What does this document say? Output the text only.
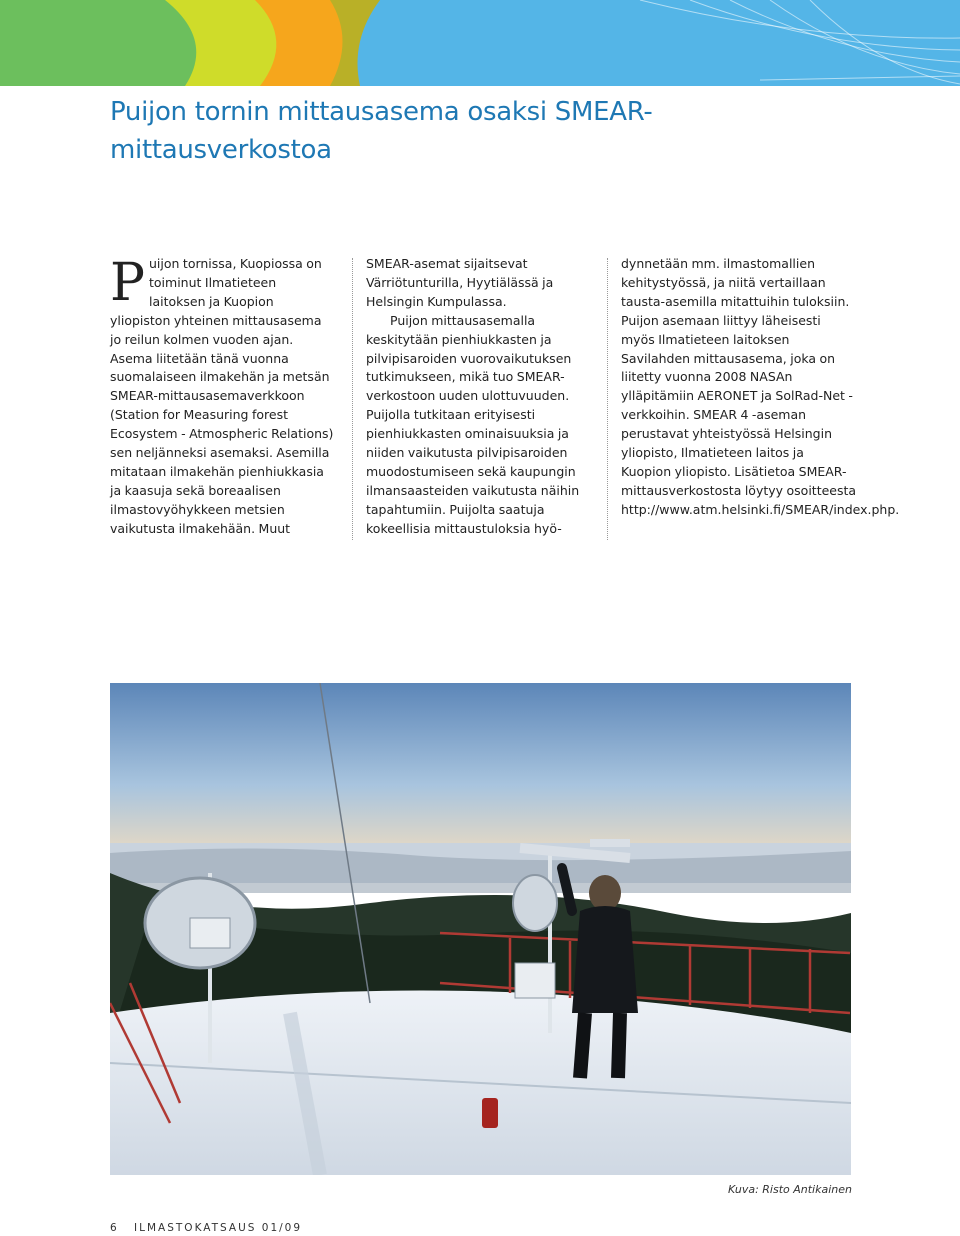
Puijon tornin mittausasema osaksi SMEAR-mittausverkostoa
P uijon tornissa, Kuopiossa on toiminut Ilmatieteen laitoksen ja Kuopion yliopiston yhteinen mittausasema jo reilun kolmen vuoden ajan. Asema liitetään tänä vuonna suomalaiseen ilmakehän ja metsän SMEAR-mittausasemaverkkoon (Station for Measuring forest Ecosystem - Atmospheric Relations) sen neljänneksi asemaksi. Asemilla mitataan ilmakehän pienhiukkasia ja kaasuja sekä boreaalisen ilmastovyöhykkeen metsien vaikutusta ilmakehään. Muut

SMEAR-asemat sijaitsevat Värriötunturilla, Hyytiälässä ja Helsingin Kumpulassa.

Puijon mittausasemalla keskitytään pienhiukkasten ja pilvipisaroiden vuorovaikutuksen tutkimukseen, mikä tuo SMEAR-verkostoon uuden ulottuvuuden. Puijolla tutkitaan erityisesti pienhiukkasten ominaisuuksia ja niiden vaikutusta pilvipisaroiden muodostumiseen sekä kaupungin ilmansaasteiden vaikutusta näihin tapahtumiin. Puijolta saatuja kokeellisia mittaustuloksia hyö-

dynnetään mm. ilmastomallien kehitystyössä, ja niitä vertaillaan tausta-asemilla mitattuihin tuloksiin. Puijon asemaan liittyy läheisesti myös Ilmatieteen laitoksen Savilahden mittausasema, joka on liitetty vuonna 2008 NASAn ylläpitämiin AERONET ja SolRad-Net -verkkoihin. SMEAR 4 -aseman perustavat yhteistyössä Helsingin yliopisto, Ilmatieteen laitos ja Kuopion yliopisto. Lisätietoa SMEAR-mittausverkostosta löytyy osoitteesta http://www.atm.helsinki.fi/SMEAR/index.php.

Kuva: Risto Antikainen
6 ILMASTOKATSAUS 01/09
